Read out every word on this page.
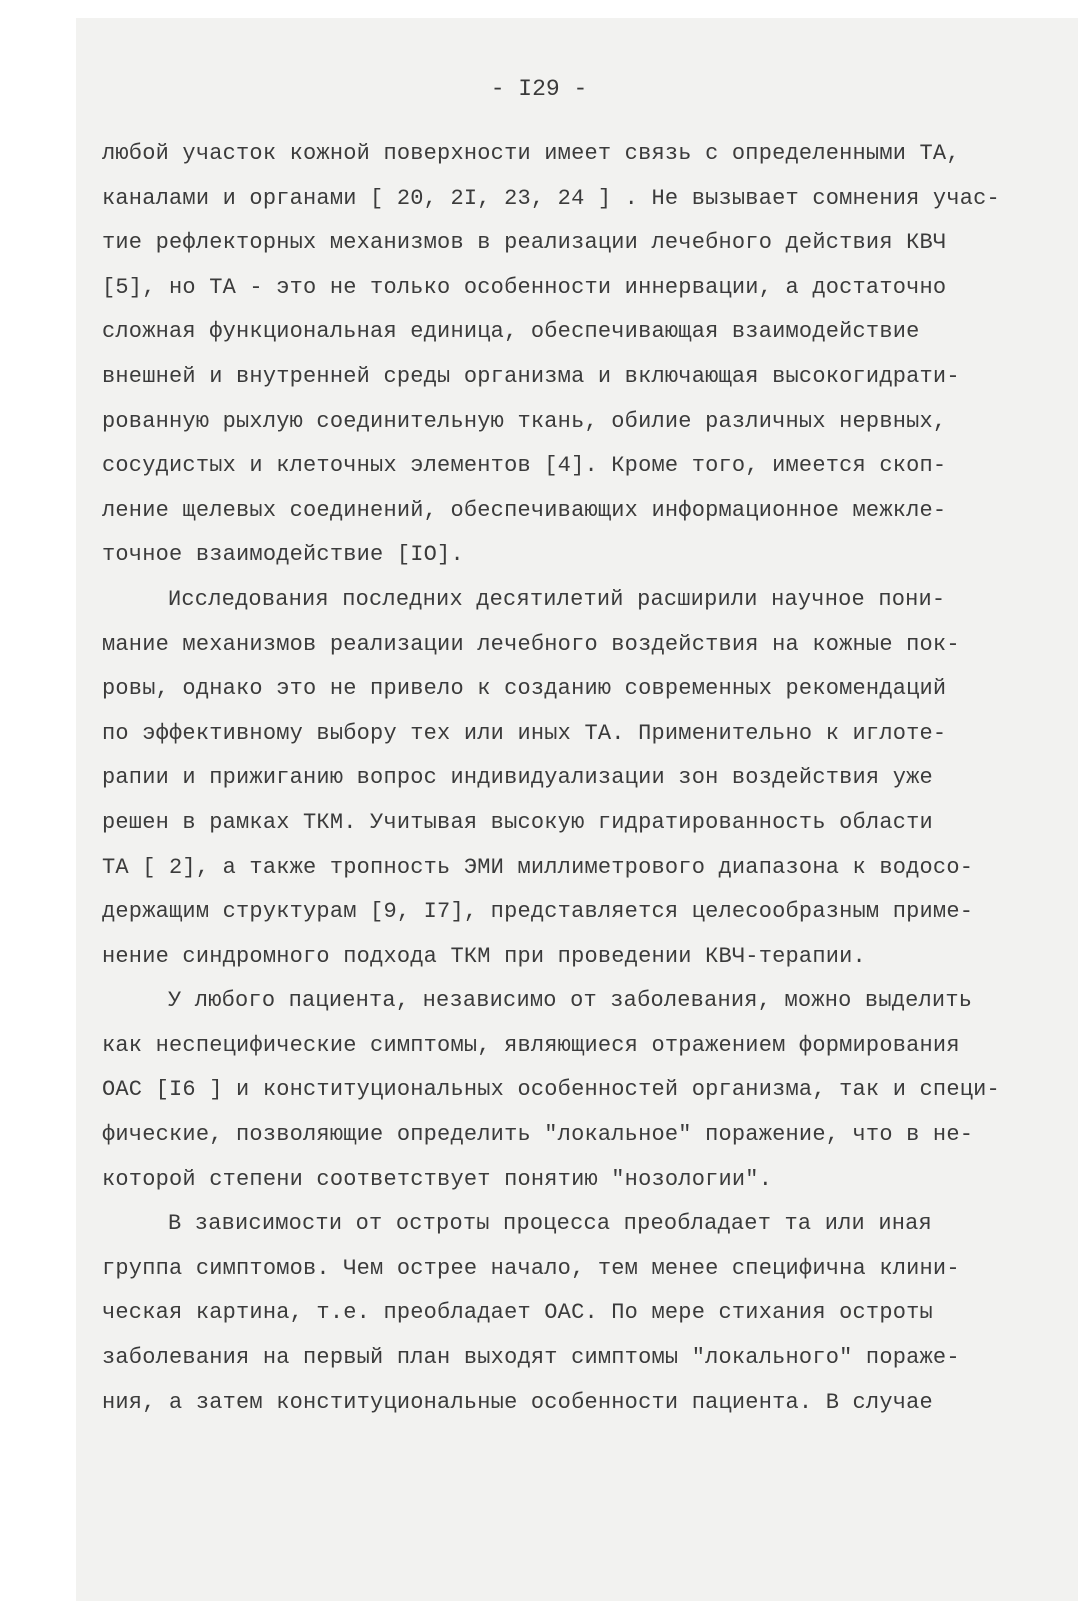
- I29 -

любой участок кожной поверхности имеет связь с определенными ТА,
каналами и органами [ 20, 2I, 23, 24 ] . Не вызывает сомнения учас-
тие рефлекторных механизмов в реализации лечебного действия КВЧ
[5], но ТА - это не только особенности иннервации, а достаточно
сложная функциональная единица, обеспечивающая взаимодействие
внешней и внутренней среды организма и включающая высокогидрати-
рованную рыхлую соединительную ткань, обилие различных нервных,
сосудистых и клеточных элементов [4]. Кроме того, имеется скоп-
ление щелевых соединений, обеспечивающих информационное межкле-
точное взаимодействие [IO].
Исследования последних десятилетий расширили научное пони-
мание механизмов реализации лечебного воздействия на кожные пок-
ровы, однако это не привело к созданию современных рекомендаций
по эффективному выбору тех или иных ТА. Применительно к иглоте-
рапии и прижиганию вопрос индивидуализации зон воздействия уже
решен в рамках ТКМ. Учитывая высокую гидратированность области
ТА [ 2], а также тропность ЭМИ миллиметрового диапазона к водосо-
держащим структурам [9, I7], представляется целесообразным приме-
нение синдромного подхода ТКМ при проведении КВЧ-терапии.
У любого пациента, независимо от заболевания, можно выделить
как неспецифические симптомы, являющиеся отражением формирования
ОАС [I6 ] и конституциональных особенностей организма, так и специ-
фические, позволяющие определить "локальное" поражение, что в не-
которой степени соответствует понятию "нозологии".
В зависимости от остроты процесса преобладает та или иная
группа симптомов. Чем острее начало, тем менее специфична клини-
ческая картина, т.е. преобладает ОАС. По мере стихания остроты
заболевания на первый план выходят симптомы "локального" пораже-
ния, а затем конституциональные особенности пациента. В случае
